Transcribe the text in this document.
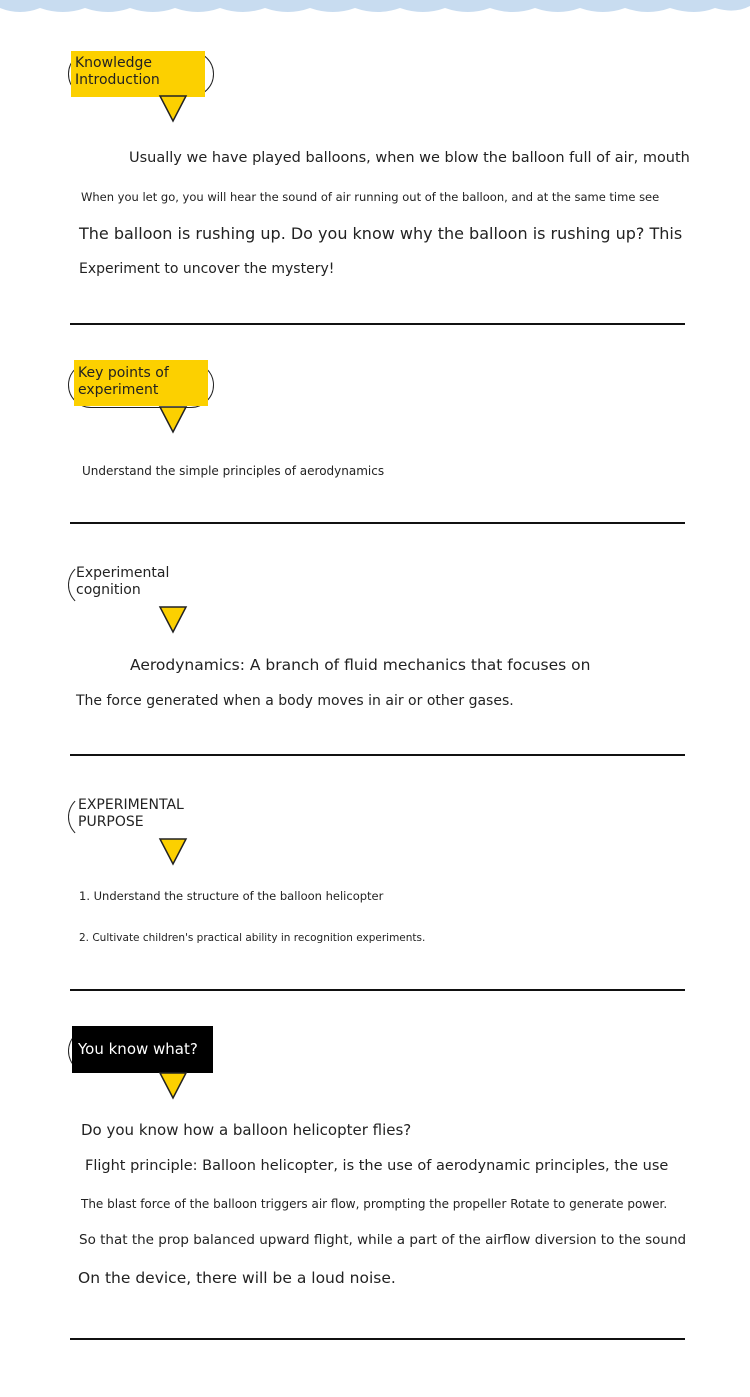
Knowledge
Introduction
Usually we have played balloons, when we blow the balloon full of air, mouth
When you let go, you will hear the sound of air running out of the balloon, and at the same time see
The balloon is rushing up. Do you know why the balloon is rushing up? This
Experiment to uncover the mystery!
Key points of
experiment
Understand the simple principles of aerodynamics
Experimental
cognition
Aerodynamics: A branch of fluid mechanics that focuses on
The force generated when a body moves in air or other gases.
EXPERIMENTAL
PURPOSE
1. Understand the structure of the balloon helicopter
2. Cultivate children's practical ability in recognition experiments.
You know what?
Do you know how a balloon helicopter flies?
Flight principle: Balloon helicopter, is the use of aerodynamic principles, the use
The blast force of the balloon triggers air flow, prompting the propeller Rotate to generate power.
So that the prop balanced upward flight, while a part of the airflow diversion to the sound
On the device, there will be a loud noise.
